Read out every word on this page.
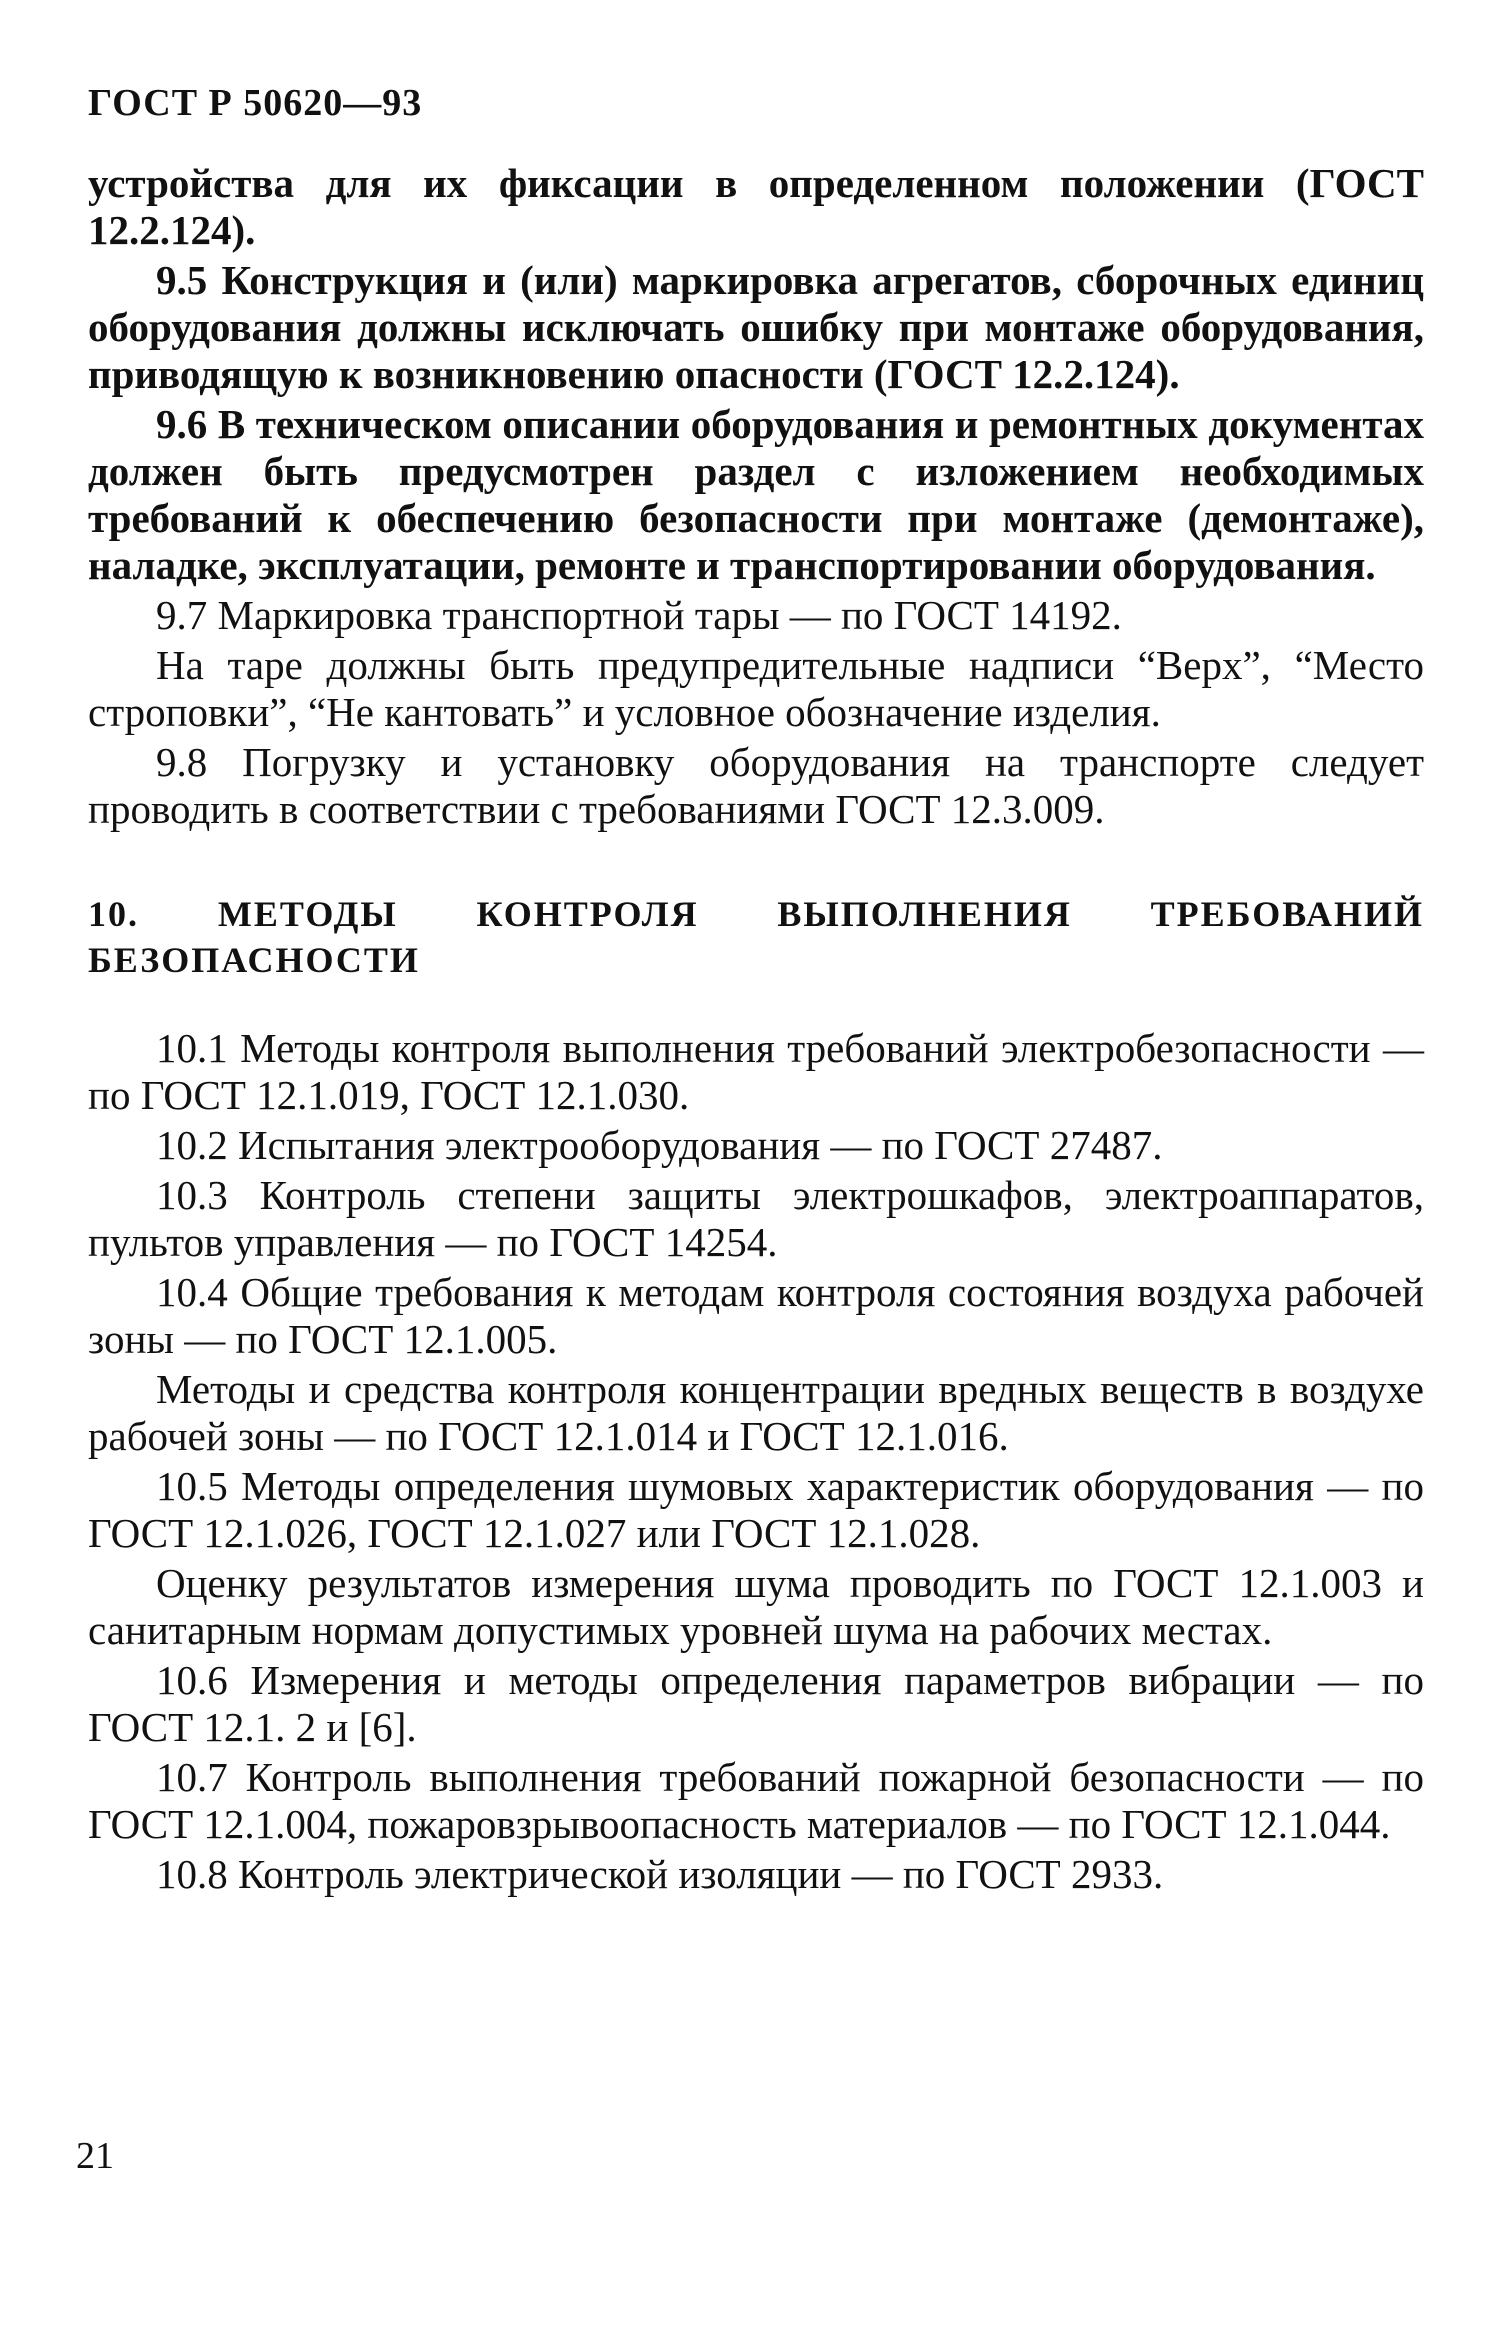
ГОСТ Р 50620—93

устройства для их фиксации в определенном положении (ГОСТ 12.2.124).

9.5 Конструкция и (или) маркировка агрегатов, сборочных единиц оборудования должны исключать ошибку при монтаже оборудования, приводящую к возникновению опасности (ГОСТ 12.2.124).

9.6 В техническом описании оборудования и ремонтных документах должен быть предусмотрен раздел с изложением необходимых требований к обеспечению безопасности при монтаже (демонтаже), наладке, эксплуатации, ремонте и транспортировании оборудования.

9.7 Маркировка транспортной тары — по ГОСТ 14192.

На таре должны быть предупредительные надписи “Верх”, “Место строповки”, “Не кантовать” и условное обозначение изделия.

9.8 Погрузку и установку оборудования на транспорте следует проводить в соответствии с требованиями ГОСТ 12.3.009.

10. МЕТОДЫ КОНТРОЛЯ ВЫПОЛНЕНИЯ ТРЕБОВАНИЙ БЕЗОПАСНОСТИ

10.1 Методы контроля выполнения требований электробезопасности — по ГОСТ 12.1.019, ГОСТ 12.1.030.

10.2 Испытания электрооборудования — по ГОСТ 27487.

10.3 Контроль степени защиты электрошкафов, электроаппаратов, пультов управления — по ГОСТ 14254.

10.4 Общие требования к методам контроля состояния воздуха рабочей зоны — по ГОСТ 12.1.005.

Методы и средства контроля концентрации вредных веществ в воздухе рабочей зоны — по ГОСТ 12.1.014 и ГОСТ 12.1.016.

10.5 Методы определения шумовых характеристик оборудования — по ГОСТ 12.1.026, ГОСТ 12.1.027 или ГОСТ 12.1.028.

Оценку результатов измерения шума проводить по ГОСТ 12.1.003 и санитарным нормам допустимых уровней шума на рабочих местах.

10.6 Измерения и методы определения параметров вибрации — по ГОСТ 12.1. 2 и [6].

10.7 Контроль выполнения требований пожарной безопасности — по ГОСТ 12.1.004, пожаровзрывоопасность материалов — по ГОСТ 12.1.044.

10.8 Контроль электрической изоляции — по ГОСТ 2933.

21
